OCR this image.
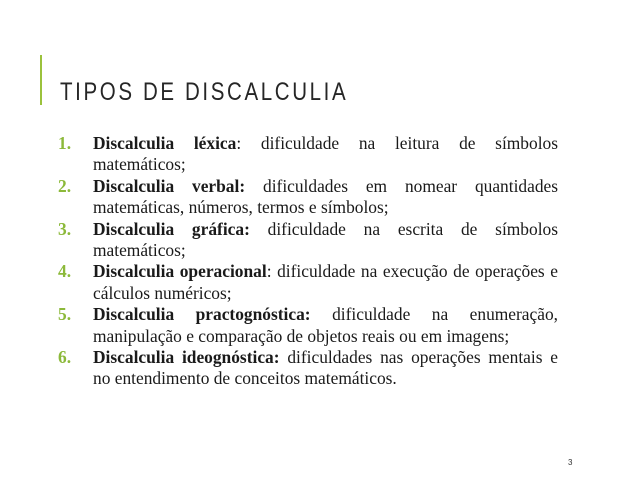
TIPOS DE DISCALCULIA
1. Discalculia léxica: dificuldade na leitura de símbolos matemáticos;
2. Discalculia verbal: dificuldades em nomear quantidades matemáticas, números, termos e símbolos;
3. Discalculia gráfica: dificuldade na escrita de símbolos matemáticos;
4. Discalculia operacional: dificuldade na execução de operações e cálculos numéricos;
5. Discalculia practognóstica: dificuldade na enumeração, manipulação e comparação de objetos reais ou em imagens;
6. Discalculia ideognóstica: dificuldades nas operações mentais e no entendimento de conceitos matemáticos.
3
